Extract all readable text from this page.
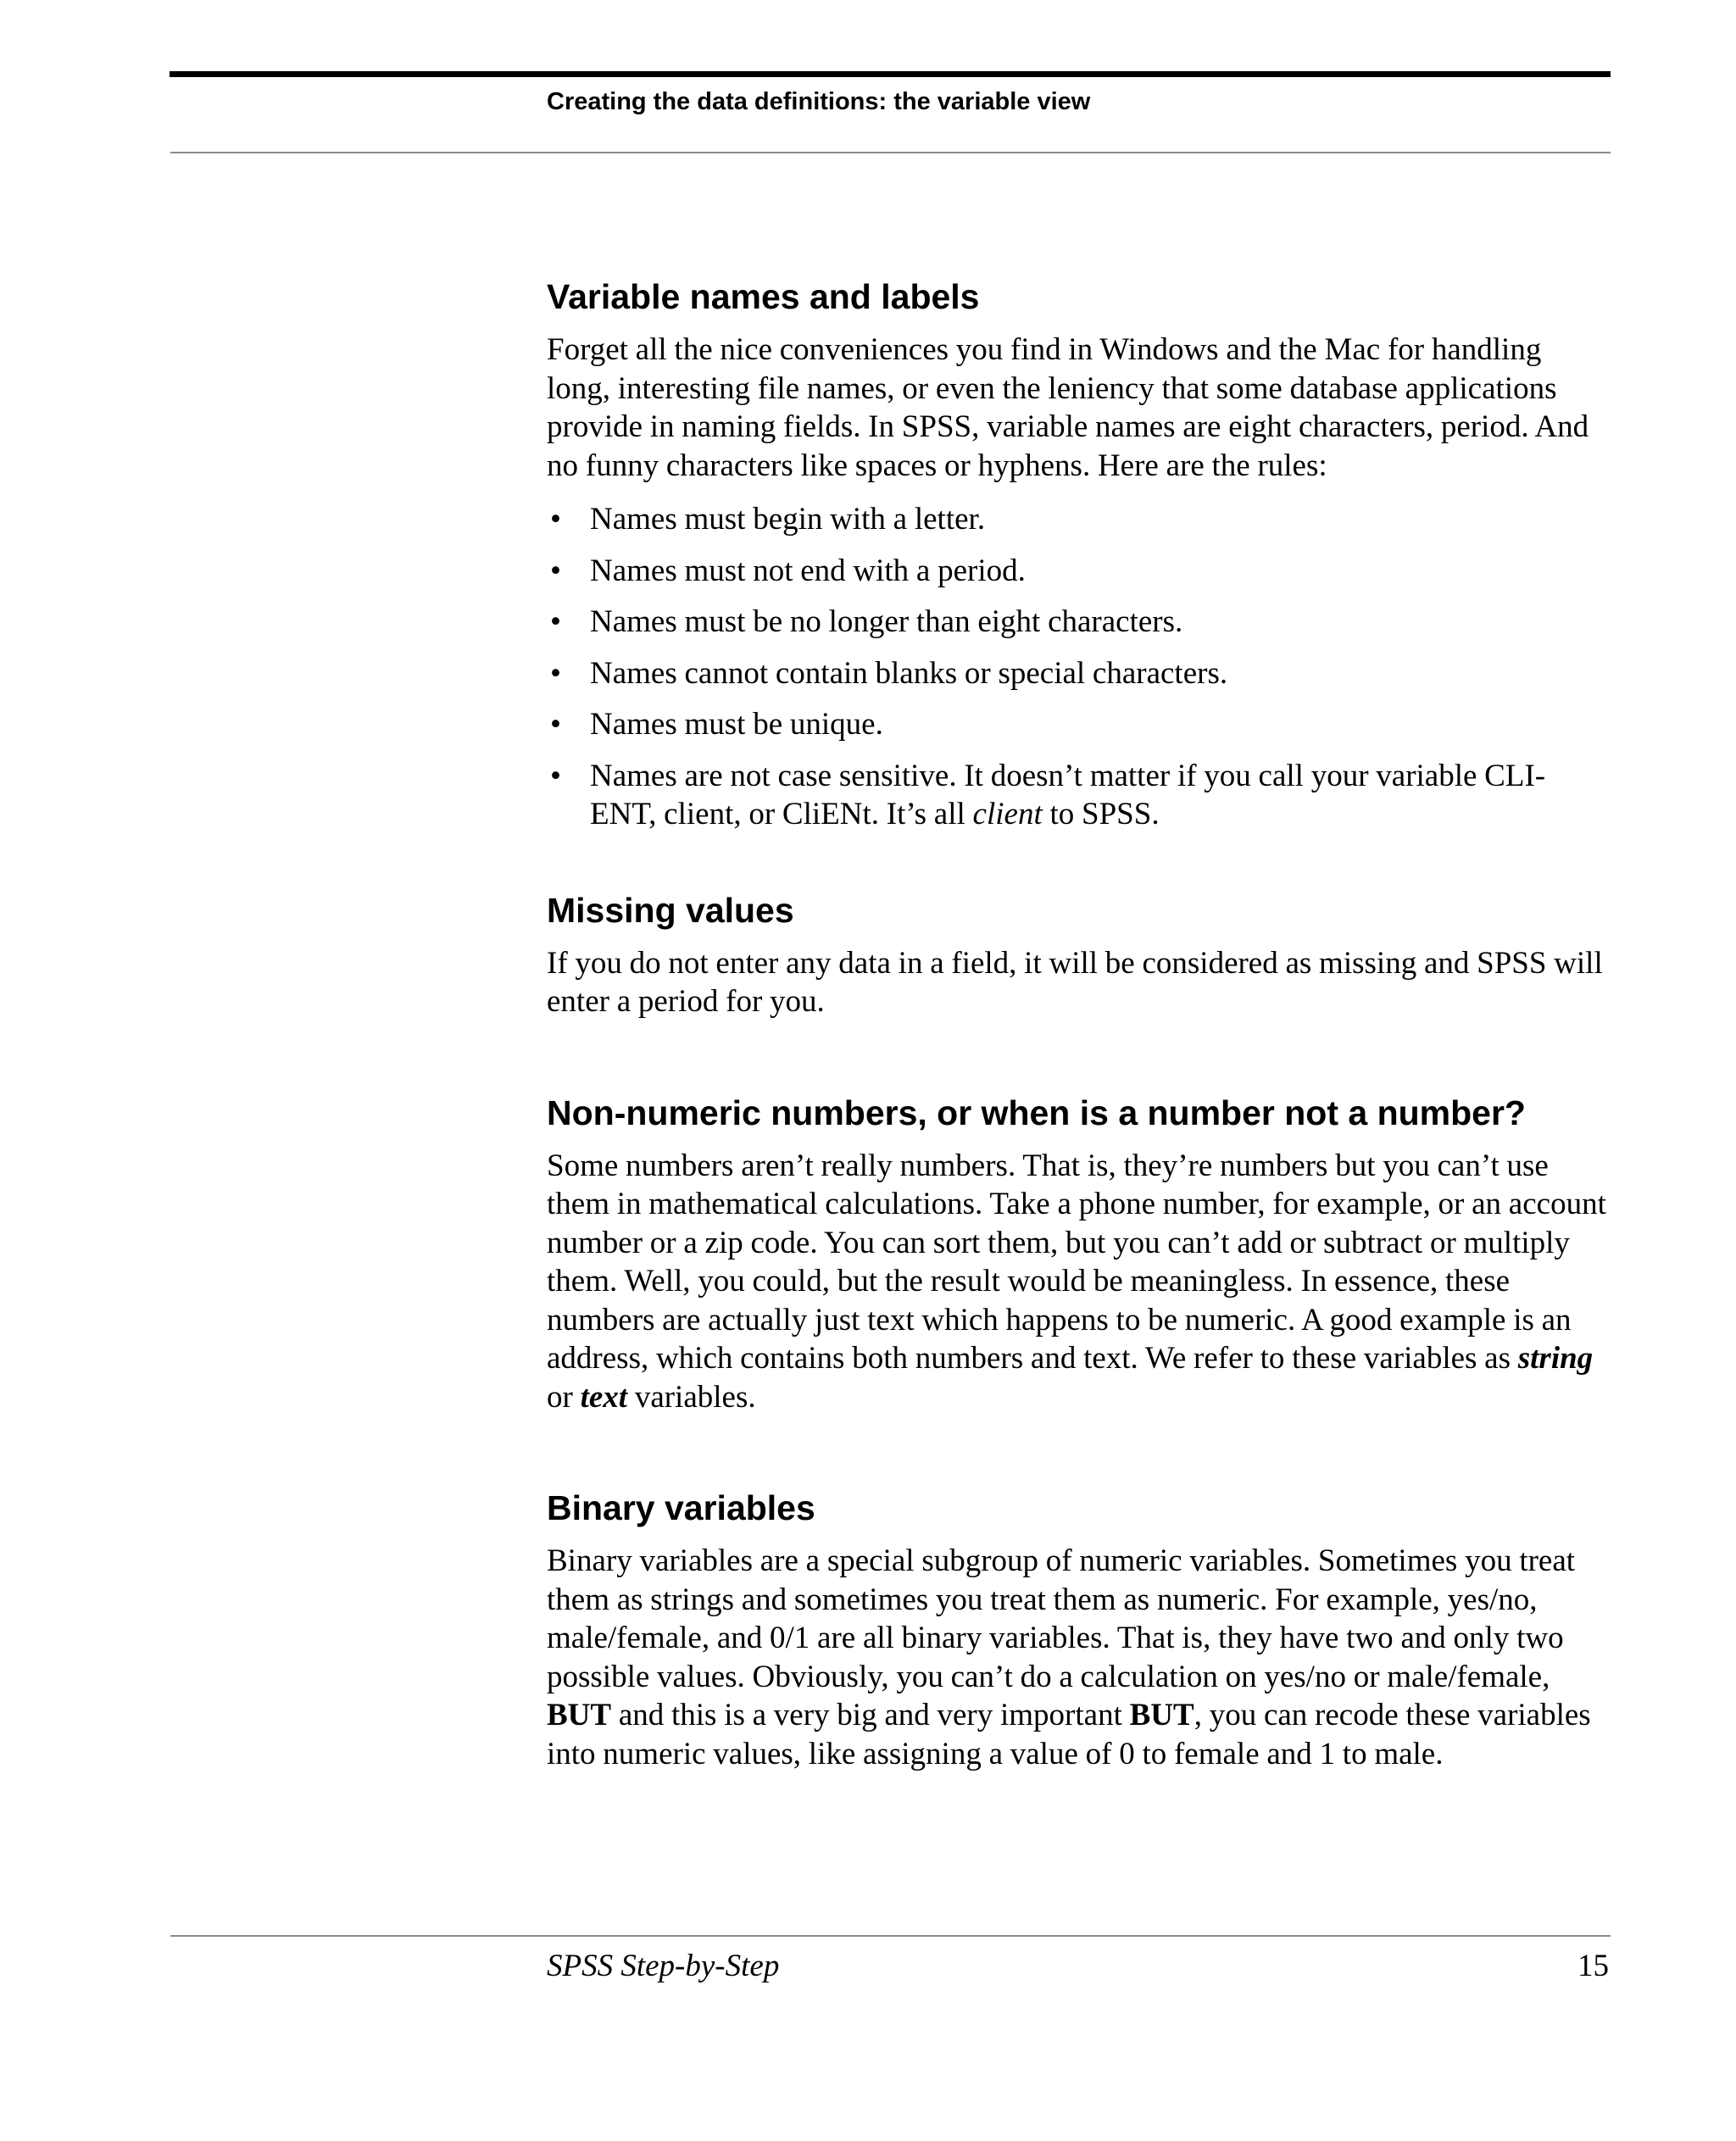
Creating the data definitions: the variable view
Variable names and labels

Forget all the nice conveniences you find in Windows and the Mac for handling long, interesting file names, or even the leniency that some database applications provide in naming fields. In SPSS, variable names are eight characters, period. And no funny characters like spaces or hyphens. Here are the rules:

• Names must begin with a letter.
• Names must not end with a period.
• Names must be no longer than eight characters.
• Names cannot contain blanks or special characters.
• Names must be unique.
• Names are not case sensitive. It doesn’t matter if you call your variable CLI-ENT, client, or CliENt. It’s all client to SPSS.
Missing values

If you do not enter any data in a field, it will be considered as missing and SPSS will enter a period for you.

Non-numeric numbers, or when is a number not a number?

Some numbers aren’t really numbers. That is, they’re numbers but you can’t use them in mathematical calculations. Take a phone number, for example, or an account number or a zip code. You can sort them, but you can’t add or subtract or multiply them. Well, you could, but the result would be meaningless. In essence, these numbers are actually just text which happens to be numeric. A good example is an address, which contains both numbers and text. We refer to these variables as string or text variables.

Binary variables

Binary variables are a special subgroup of numeric variables. Sometimes you treat them as strings and sometimes you treat them as numeric. For example, yes/no, male/female, and 0/1 are all binary variables. That is, they have two and only two possible values. Obviously, you can’t do a calculation on yes/no or male/female, BUT and this is a very big and very important BUT, you can recode these variables into numeric values, like assigning a value of 0 to female and 1 to male.

SPSS Step-by-Step	15
